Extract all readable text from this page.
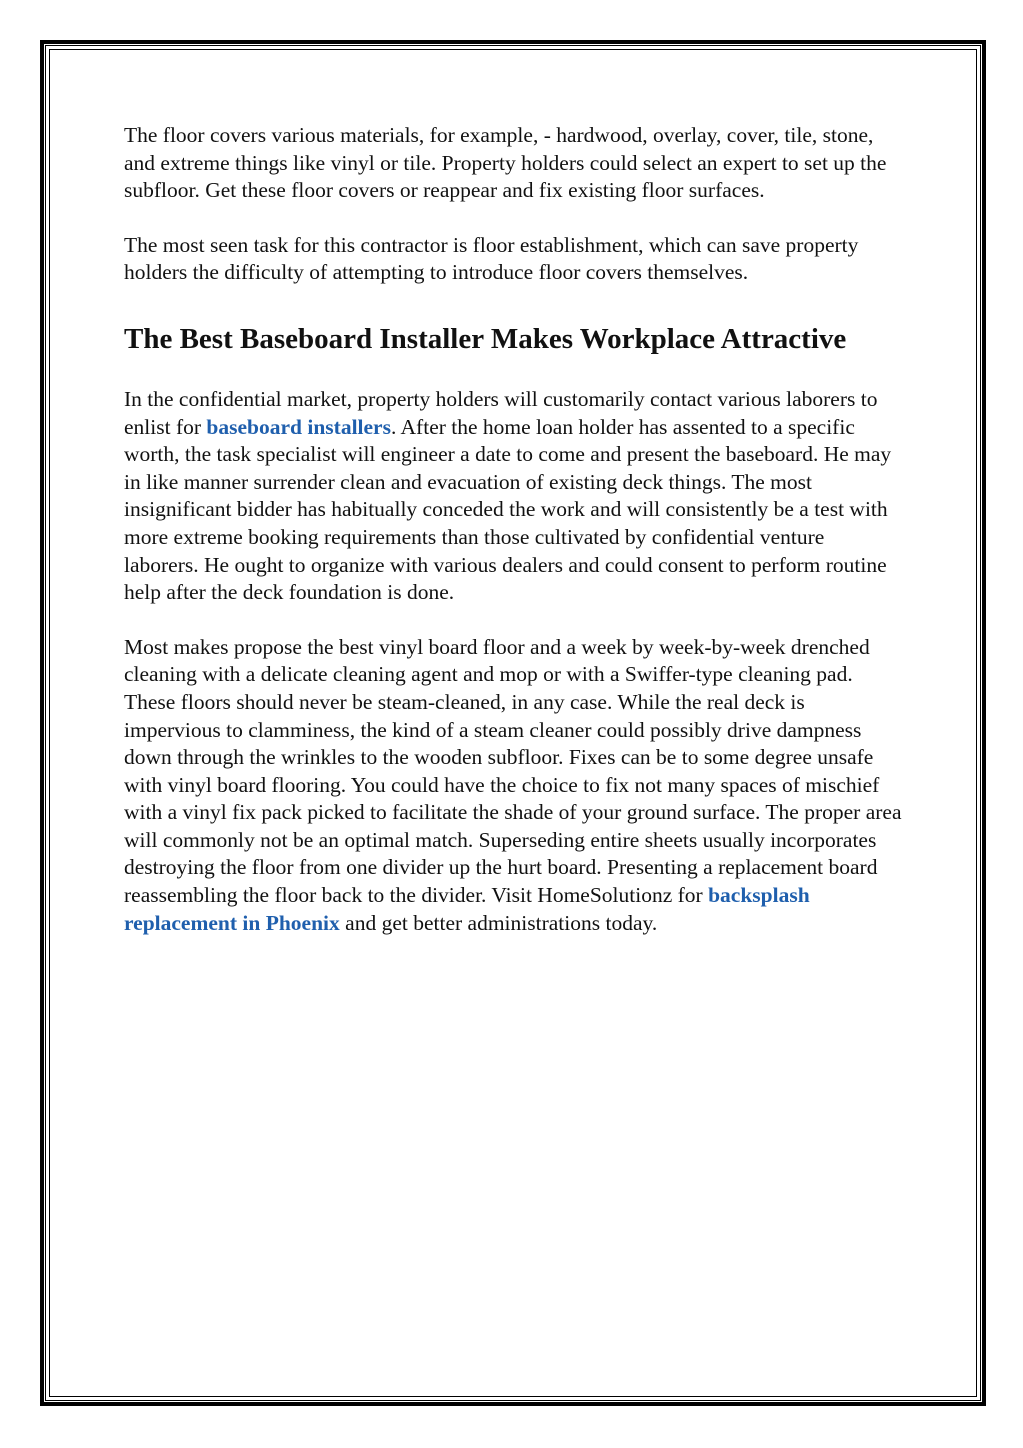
The floor covers various materials, for example, - hardwood, overlay, cover, tile, stone, and extreme things like vinyl or tile. Property holders could select an expert to set up the subfloor. Get these floor covers or reappear and fix existing floor surfaces.

The most seen task for this contractor is floor establishment, which can save property holders the difficulty of attempting to introduce floor covers themselves.

The Best Baseboard Installer Makes Workplace Attractive

In the confidential market, property holders will customarily contact various laborers to enlist for baseboard installers. After the home loan holder has assented to a specific worth, the task specialist will engineer a date to come and present the baseboard. He may in like manner surrender clean and evacuation of existing deck things. The most insignificant bidder has habitually conceded the work and will consistently be a test with more extreme booking requirements than those cultivated by confidential venture laborers. He ought to organize with various dealers and could consent to perform routine help after the deck foundation is done.

Most makes propose the best vinyl board floor and a week by week-by-week drenched cleaning with a delicate cleaning agent and mop or with a Swiffer-type cleaning pad. These floors should never be steam-cleaned, in any case. While the real deck is impervious to clamminess, the kind of a steam cleaner could possibly drive dampness down through the wrinkles to the wooden subfloor. Fixes can be to some degree unsafe with vinyl board flooring. You could have the choice to fix not many spaces of mischief with a vinyl fix pack picked to facilitate the shade of your ground surface. The proper area will commonly not be an optimal match. Superseding entire sheets usually incorporates destroying the floor from one divider up the hurt board. Presenting a replacement board reassembling the floor back to the divider. Visit HomeSolutionz for backsplash replacement in Phoenix and get better administrations today.
